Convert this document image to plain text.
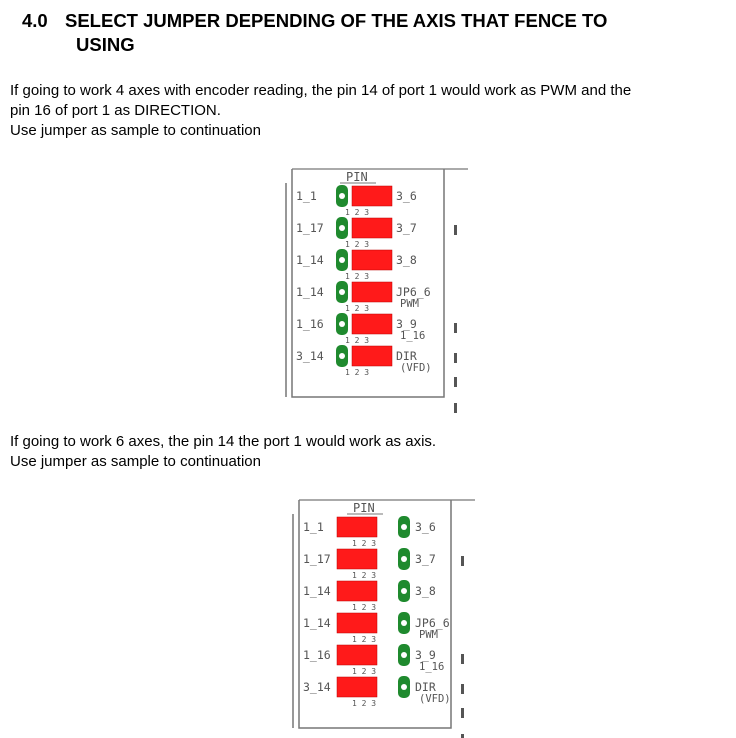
4.0 SELECT JUMPER DEPENDING OF THE AXIS THAT FENCE TO
USING
If going to work 4 axes with encoder reading, the pin 14 of port 1 would work as PWM and the
pin 16 of port 1 as DIRECTION.
Use jumper as sample to continuation
PIN
1_1
1 2 3
3_6
1_17
1 2 3
3_7
1_14
1 2 3
3_8
1_14
1 2 3
JP6_6
PWM
1_16
1 2 3
3_9
1_16
3_14
1 2 3
DIR
(VFD)
If going to work 6 axes, the pin 14 the port 1 would work as axis.
Use jumper as sample to continuation
PIN
1_1
1 2 3
3_6
1_17
1 2 3
3_7
1_14
1 2 3
3_8
1_14
1 2 3
JP6_6
PWM
1_16
1 2 3
3_9
1_16
3_14
1 2 3
DIR
(VFD)
